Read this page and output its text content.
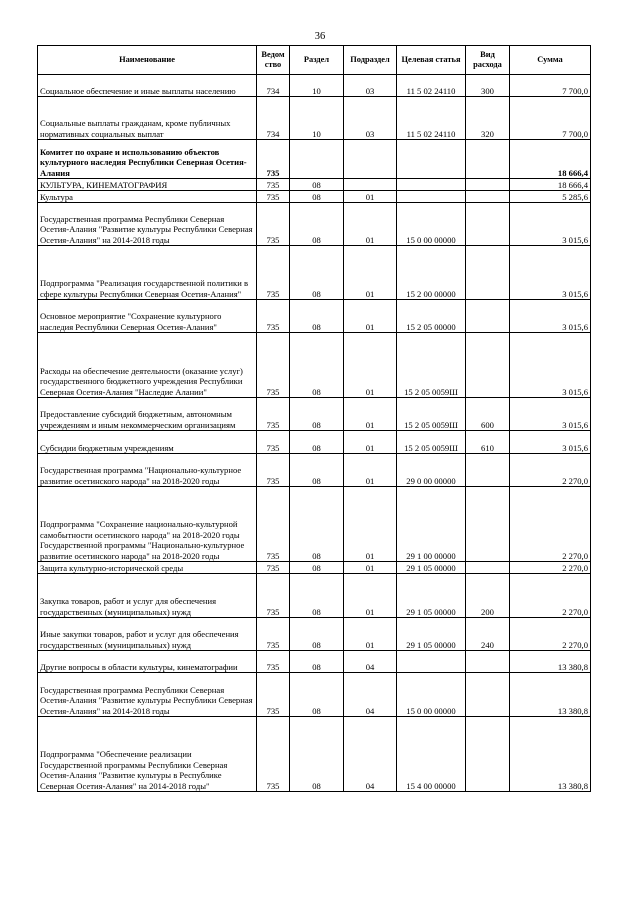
36
Наименование	Ведом ство	Раздел	Подраздел	Целевая статья	Вид расхода	Сумма
Социальное обеспечение и иные выплаты населению	734	10	03	11 5 02 24110	300	7 700,0
Социальные выплаты гражданам, кроме публичных нормативных социальных выплат	734	10	03	11 5 02 24110	320	7 700,0
Комитет по охране и использованию объектов культурного наследия Республики Северная Осетия-Алания	735					18 666,4
КУЛЬТУРА, КИНЕМАТОГРАФИЯ	735	08				18 666,4
Культура	735	08	01			5 285,6
Государственная программа Республики Северная Осетия-Алания "Развитие культуры Республики Северная Осетия-Алания" на 2014-2018 годы	735	08	01	15 0 00 00000		3 015,6
Подпрограмма "Реализация государственной политики в сфере культуры Республики Северная Осетия-Алания"	735	08	01	15 2 00 00000		3 015,6
Основное мероприятие "Сохранение культурного наследия Республики Северная Осетия-Алания"	735	08	01	15 2 05 00000		3 015,6
Расходы на обеспечение деятельности (оказание услуг) государственного бюджетного учреждения Республики Северная Осетия-Алания "Наследие Алании"	735	08	01	15 2 05 0059Ш		3 015,6
Предоставление субсидий бюджетным, автономным учреждениям и иным некоммерческим организациям	735	08	01	15 2 05 0059Ш	600	3 015,6
Субсидии бюджетным учреждениям	735	08	01	15 2 05 0059Ш	610	3 015,6
Государственная программа "Национально-культурное развитие осетинского народа" на 2018-2020 годы	735	08	01	29 0 00 00000		2 270,0
Подпрограмма "Сохранение национально-культурной самобытности осетинского народа" на 2018-2020 годы Государственной программы "Национально-культурное развитие осетинского народа" на 2018-2020 годы	735	08	01	29 1 00 00000		2 270,0
Защита культурно-исторической среды	735	08	01	29 1 05 00000		2 270,0
Закупка товаров, работ и услуг для обеспечения государственных (муниципальных) нужд	735	08	01	29 1 05 00000	200	2 270,0
Иные закупки товаров, работ и услуг для обеспечения государственных (муниципальных) нужд	735	08	01	29 1 05 00000	240	2 270,0
Другие вопросы в области культуры, кинематографии	735	08	04			13 380,8
Государственная программа Республики Северная Осетия-Алания "Развитие культуры Республики Северная Осетия-Алания" на 2014-2018 годы	735	08	04	15 0 00 00000		13 380,8
Подпрограмма "Обеспечение реализации Государственной программы Республики Северная Осетия-Алания "Развитие культуры в Республике Северная Осетия-Алания" на 2014-2018 годы"	735	08	04	15 4 00 00000		13 380,8
